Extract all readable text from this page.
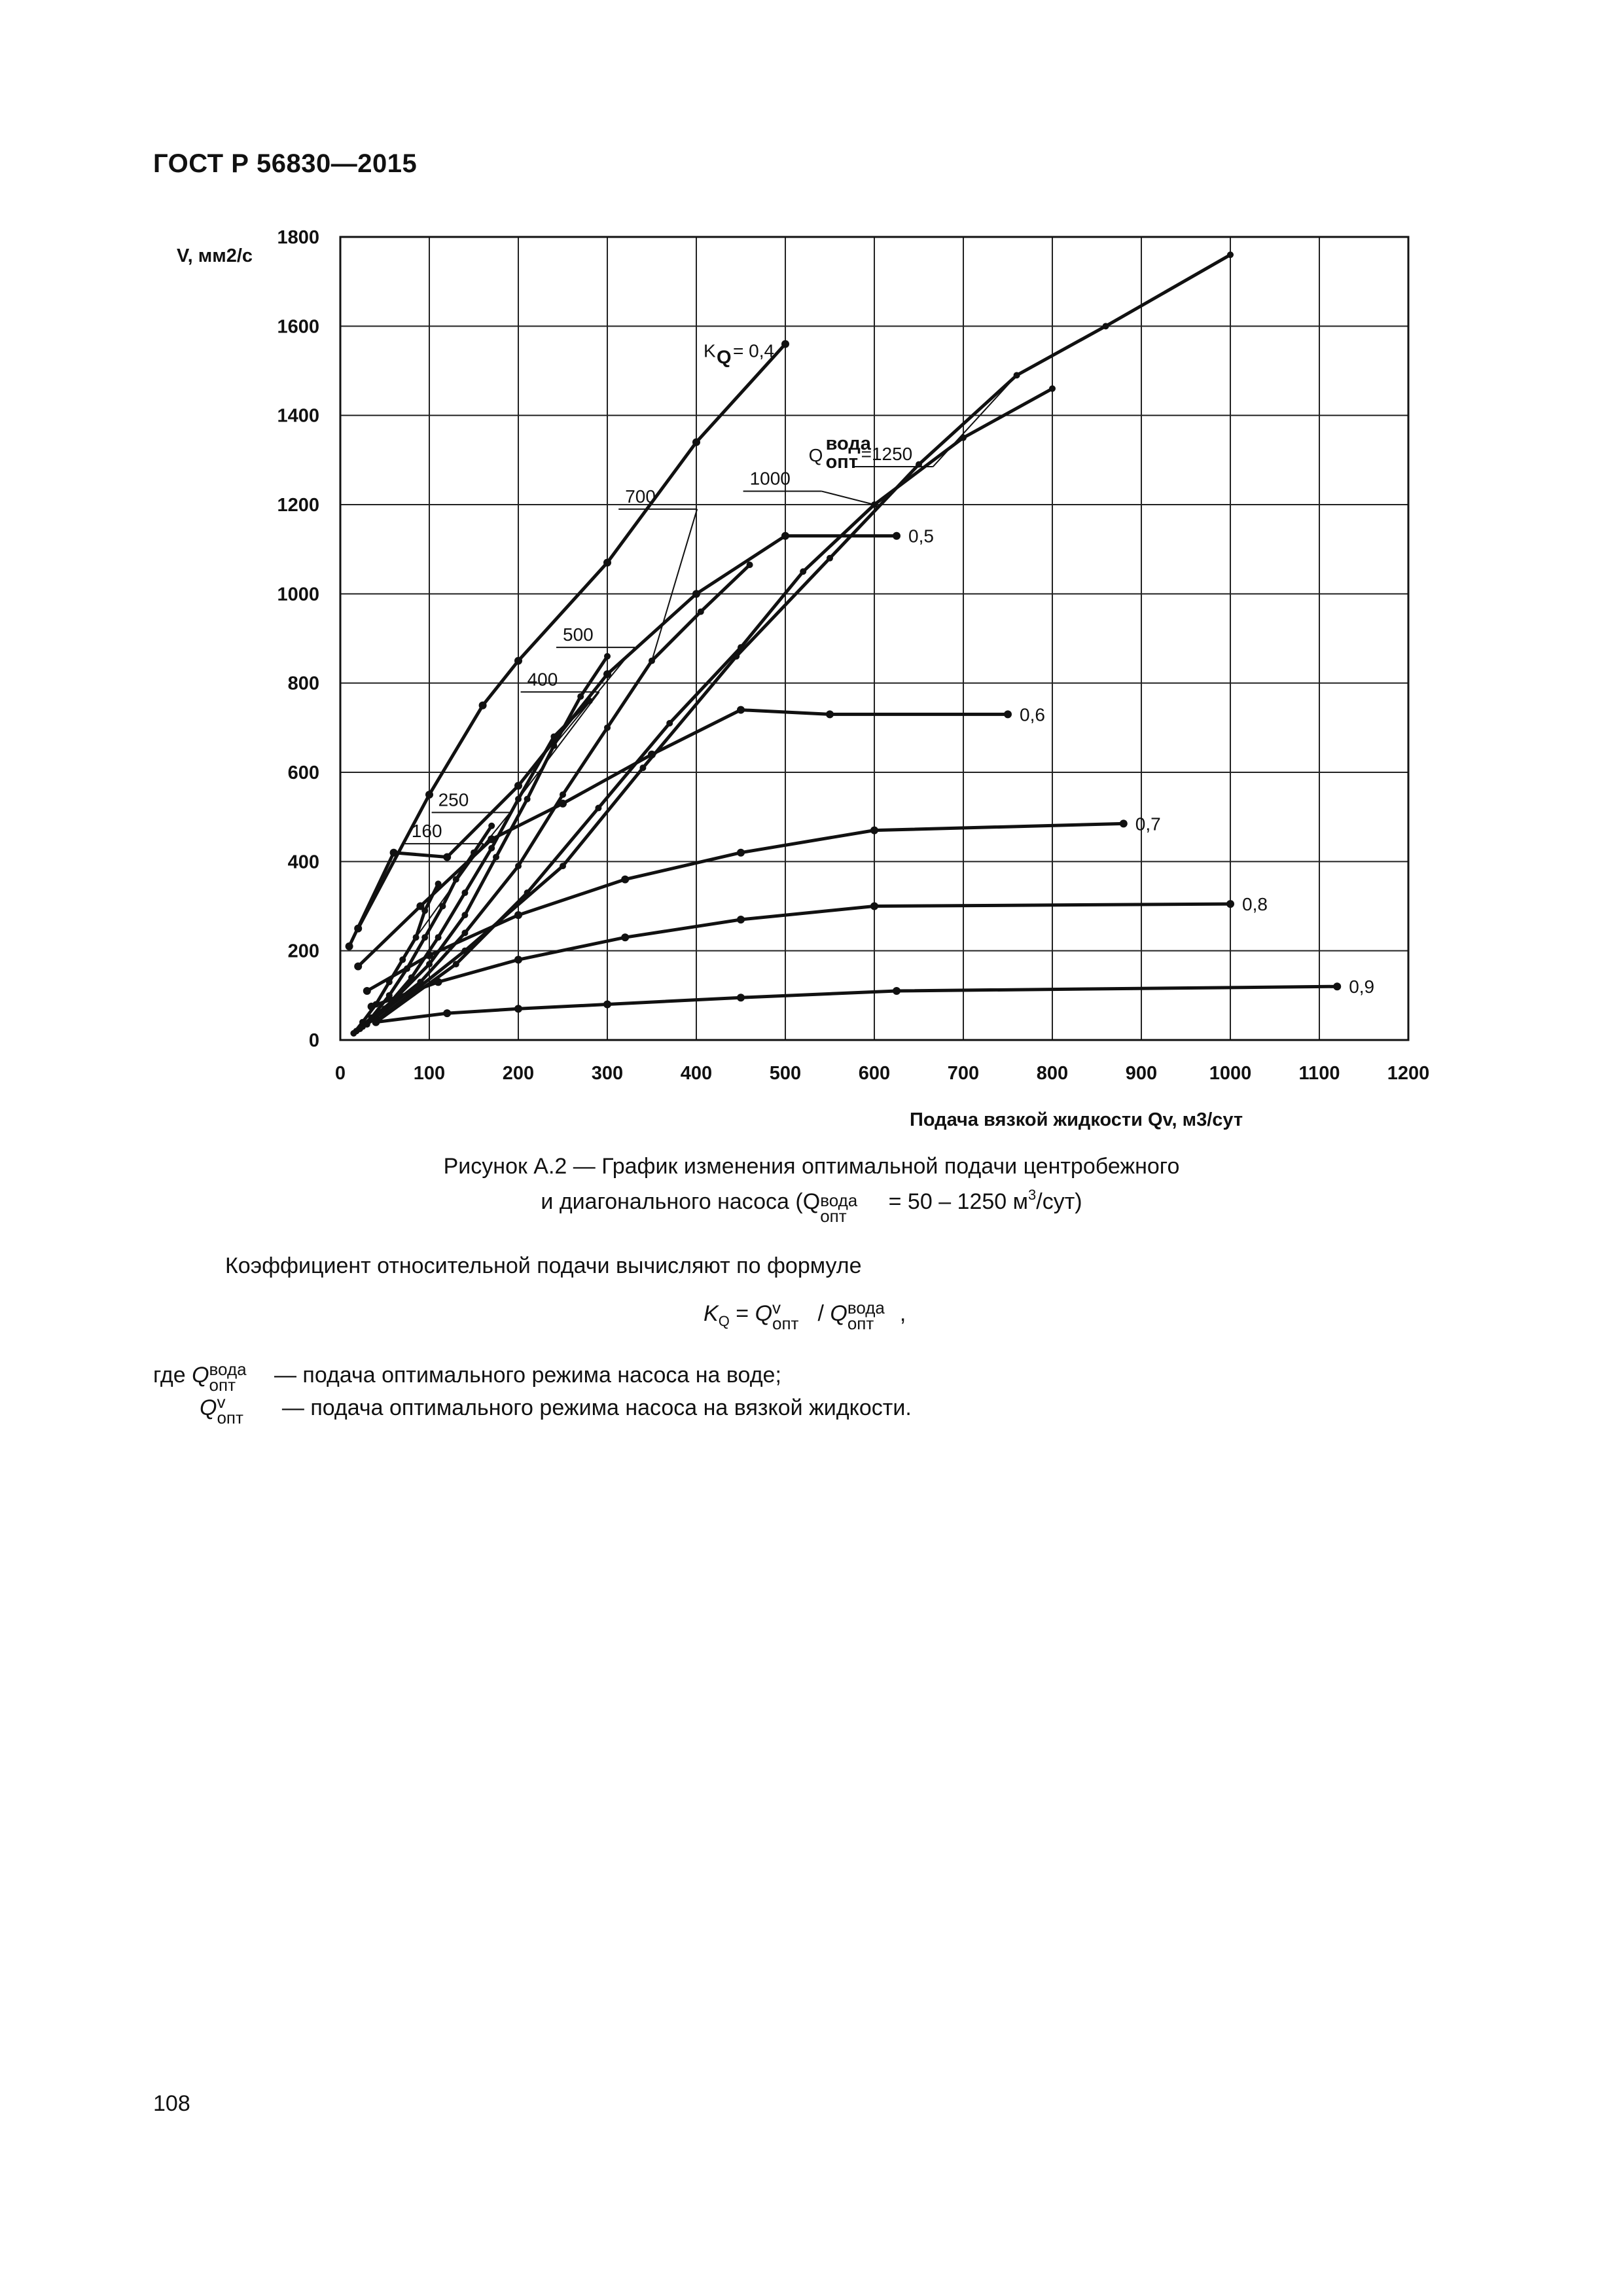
ГОСТ Р 56830—2015
0	100	200	300	400	500	600	700	800	900	1000 1100 1200
0
200
400
600
800
1000
1200
1400
1600
1800
V, мм2/с
Подача вязкой жидкости Qv, м3/сут
=1250
1000
700
500
400
250
160
K Q = 0,4
0,5
0,6
0,7
0,8
0,9
Q
вода
опт
Рисунок А.2 — График изменения оптимальной подачи центробежного
и диагонального насоса (Q вода
опт
= 50 – 1250 $м^3/сут$)
Коэффициент относительной подачи вычисляют по формуле
$K_Q = Q$ v
опт / Q вода
опт ,
где Q вода
опт — подача оптимального режима насоса на воде;
Q v
опт — подача оптимального режима насоса на вязкой жидкости.
108
